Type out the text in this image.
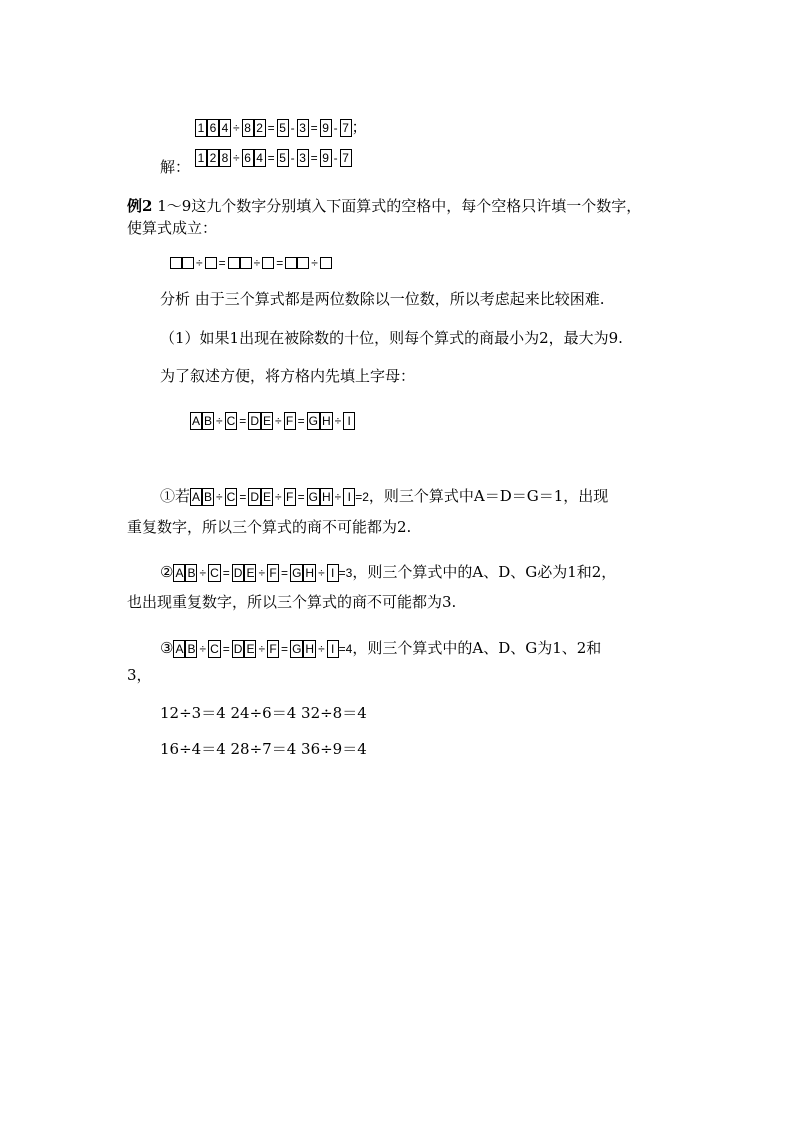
1 6 4 ÷ 8 2 = 5 - 3 = 9 - 7 ；
解： 1 2 8 ÷ 6 4 = 5 - 3 = 9 - 7
例2 1～9这九个数字分别填入下面算式的空格中，每个空格只许填一个数字，
使算式成立：
÷ = ÷ = ÷
分析 由于三个算式都是两位数除以一位数，所以考虑起来比较困难.
（1）如果1出现在被除数的十位，则每个算式的商最小为2，最大为9.
为了叙述方便，将方格内先填上字母：
A B ÷ C = D E ÷ F = G H ÷ I
①若 A B ÷ C = D E ÷ F = G H ÷ I =2，则三个算式中A＝D＝G＝1，出现
重复数字，所以三个算式的商不可能都为2.
② A B ÷ C = D E ÷ F = G H ÷ I =3，则三个算式中的A、D、G必为1和2，
也出现重复数字，所以三个算式的商不可能都为3.
③ A B ÷ C = D E ÷ F = G H ÷ I =4，则三个算式中的A、D、G为1、2和
3，
12÷3＝4 24÷6＝4 32÷8＝4
16÷4＝4 28÷7＝4 36÷9＝4
